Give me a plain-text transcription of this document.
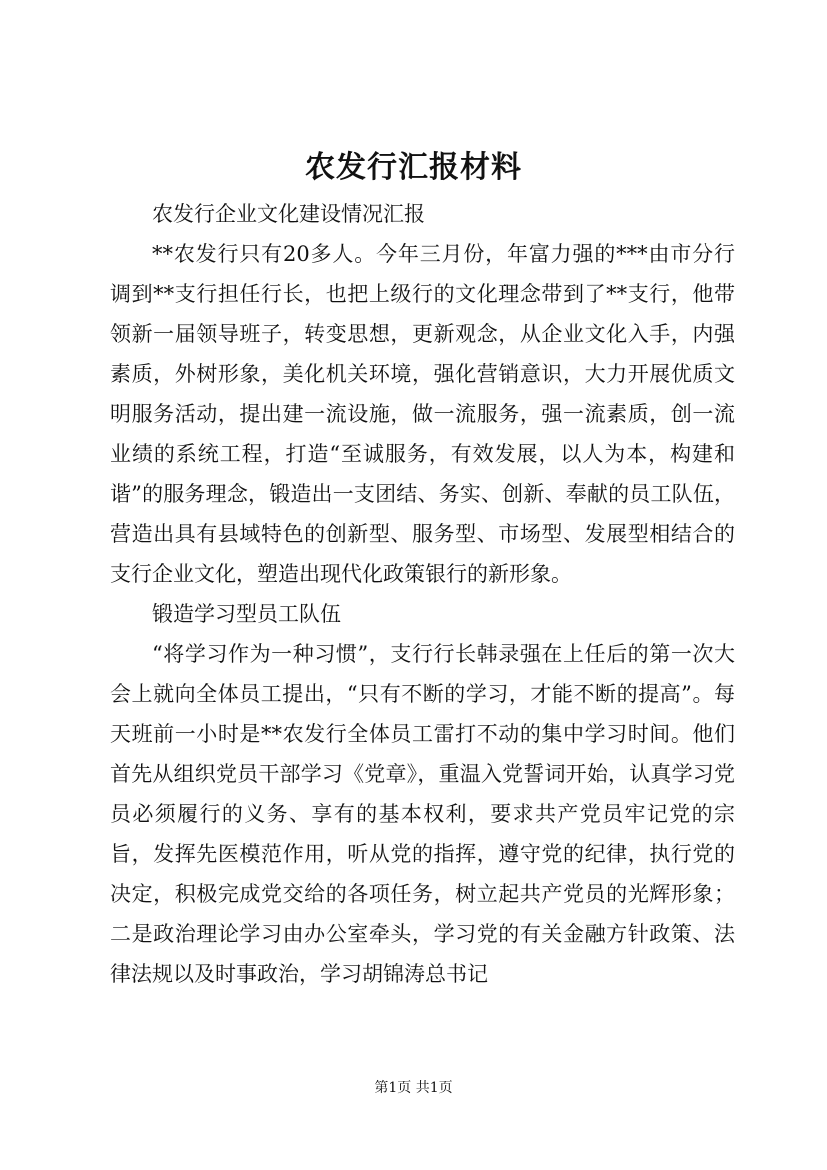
农发行汇报材料

农发行企业文化建设情况汇报

**农发行只有20多人。今年三月份，年富力强的***由市分行调到**支行担任行长，也把上级行的文化理念带到了**支行，他带领新一届领导班子，转变思想，更新观念，从企业文化入手，内强素质，外树形象，美化机关环境，强化营销意识，大力开展优质文明服务活动，提出建一流设施，做一流服务，强一流素质，创一流业绩的系统工程，打造“至诚服务，有效发展，以人为本，构建和谐”的服务理念，锻造出一支团结、务实、创新、奉献的员工队伍，营造出具有县域特色的创新型、服务型、市场型、发展型相结合的支行企业文化，塑造出现代化政策银行的新形象。

锻造学习型员工队伍

“将学习作为一种习惯”，支行行长韩录强在上任后的第一次大会上就向全体员工提出，“只有不断的学习，才能不断的提高”。每天班前一小时是**农发行全体员工雷打不动的集中学习时间。他们首先从组织党员干部学习《党章》，重温入党誓词开始，认真学习党员必须履行的义务、享有的基本权利，要求共产党员牢记党的宗旨，发挥先医模范作用，听从党的指挥，遵守党的纪律，执行党的决定，积极完成党交给的各项任务，树立起共产党员的光辉形象；二是政治理论学习由办公室牵头，学习党的有关金融方针政策、法律法规以及时事政治，学习胡锦涛总书记

第1页 共1页
